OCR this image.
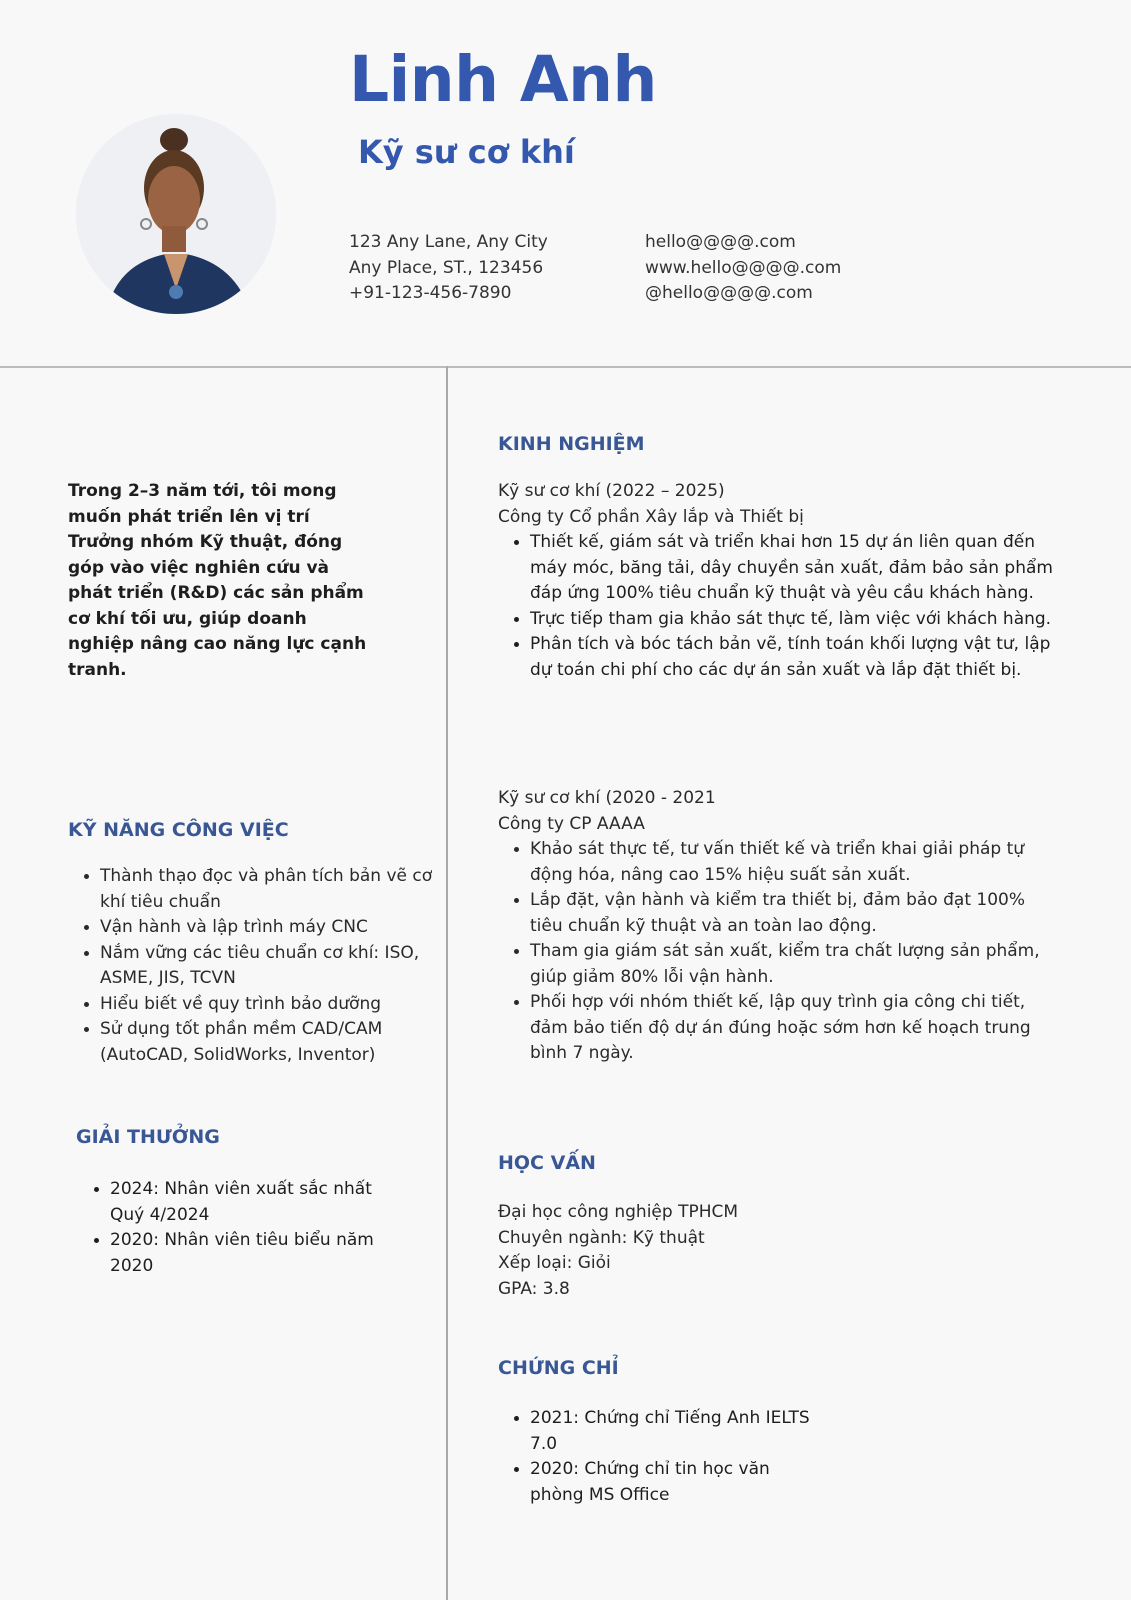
Linh Anh
Kỹ sư cơ khí
123 Any Lane, Any City
Any Place, ST., 123456
+91-123-456-7890
hello@@@@.com
www.hello@@@@.com
@hello@@@@.com
Trong 2–3 năm tới, tôi mong muốn phát triển lên vị trí Trưởng nhóm Kỹ thuật, đóng góp vào việc nghiên cứu và phát triển (R&D) các sản phẩm cơ khí tối ưu, giúp doanh nghiệp nâng cao năng lực cạnh tranh.
KỸ NĂNG CÔNG VIỆC
• Thành thạo đọc và phân tích bản vẽ cơ khí tiêu chuẩn
• Vận hành và lập trình máy CNC
• Nắm vững các tiêu chuẩn cơ khí: ISO, ASME, JIS, TCVN
• Hiểu biết về quy trình bảo dưỡng
• Sử dụng tốt phần mềm CAD/CAM (AutoCAD, SolidWorks, Inventor)
GIẢI THƯỞNG
• 2024: Nhân viên xuất sắc nhất Quý 4/2024
• 2020: Nhân viên tiêu biểu năm 2020
KINH NGHIỆM
Kỹ sư cơ khí (2022 – 2025)
Công ty Cổ phần Xây lắp và Thiết bị
• Thiết kế, giám sát và triển khai hơn 15 dự án liên quan đến máy móc, băng tải, dây chuyền sản xuất, đảm bảo sản phẩm đáp ứng 100% tiêu chuẩn kỹ thuật và yêu cầu khách hàng.
• Trực tiếp tham gia khảo sát thực tế, làm việc với khách hàng.
• Phân tích và bóc tách bản vẽ, tính toán khối lượng vật tư, lập dự toán chi phí cho các dự án sản xuất và lắp đặt thiết bị.
Kỹ sư cơ khí (2020 - 2021
Công ty CP AAAA
• Khảo sát thực tế, tư vấn thiết kế và triển khai giải pháp tự động hóa, nâng cao 15% hiệu suất sản xuất.
• Lắp đặt, vận hành và kiểm tra thiết bị, đảm bảo đạt 100% tiêu chuẩn kỹ thuật và an toàn lao động.
• Tham gia giám sát sản xuất, kiểm tra chất lượng sản phẩm, giúp giảm 80% lỗi vận hành.
• Phối hợp với nhóm thiết kế, lập quy trình gia công chi tiết, đảm bảo tiến độ dự án đúng hoặc sớm hơn kế hoạch trung bình 7 ngày.
HỌC VẤN
Đại học công nghiệp TPHCM
Chuyên ngành: Kỹ thuật
Xếp loại: Giỏi
GPA: 3.8
CHỨNG CHỈ
• 2021: Chứng chỉ Tiếng Anh IELTS 7.0
• 2020: Chứng chỉ tin học văn phòng MS Office
